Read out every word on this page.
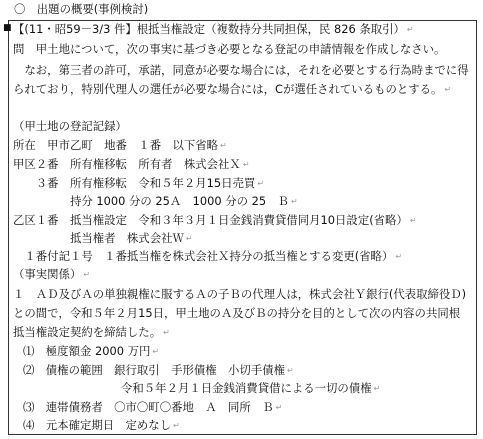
〇　出題の概要(事例検討)
■ 【(11・昭59－3/3 件】根抵当権設定（複数持分共同担保，民 826 条取引） ↵
問　甲土地について，次の事実に基づき必要となる登記の申請情報を作成しなさい。
　なお，第三者の許可，承諾，同意が必要な場合には，それを必要とする行為時までに得られており，特別代理人の選任が必要な場合には，Cが選任されているものとする。 ↵
（甲土地の登記記録）
所在　甲市乙町　地番　１番　以下省略 ↵
甲区２番　所有権移転　所有者　株式会社Ｘ ↵
　　３番　所有権移転　令和５年２月15日売買 ↵
　　　　　持分 1000 分の 25Ａ　1000 分の 25　Ｂ ↵
乙区１番　抵当権設定　令和３年３月１日金銭消費貸借同月10日設定(省略） ↵
　　　　　抵当権者　株式会社Ｗ ↵
　１番付記１号　１番抵当権を株式会社Ｘ持分の抵当権とする変更(省略） ↵
（事実関係） ↵
１　ＡＤ及びＡの単独親権に服するＡの子Ｂの代理人は，株式会社Ｙ銀行(代表取締役Ｄ)との間で，令和５年２月15日，甲土地のＡ及びＢの持分を目的として次の内容の共同根抵当権設定契約を締結した。 ↵
⑴　極度額金 2000 万円 ↵
⑵　債権の範囲　銀行取引　手形債権　小切手債権 ↵
令和５年２月１日金銭消費貸借による一切の債権 ↵
⑶　連帯債務者　〇市〇町〇番地　Ａ　同所　Ｂ ↵
⑷　元本確定期日　定めなし ↵
